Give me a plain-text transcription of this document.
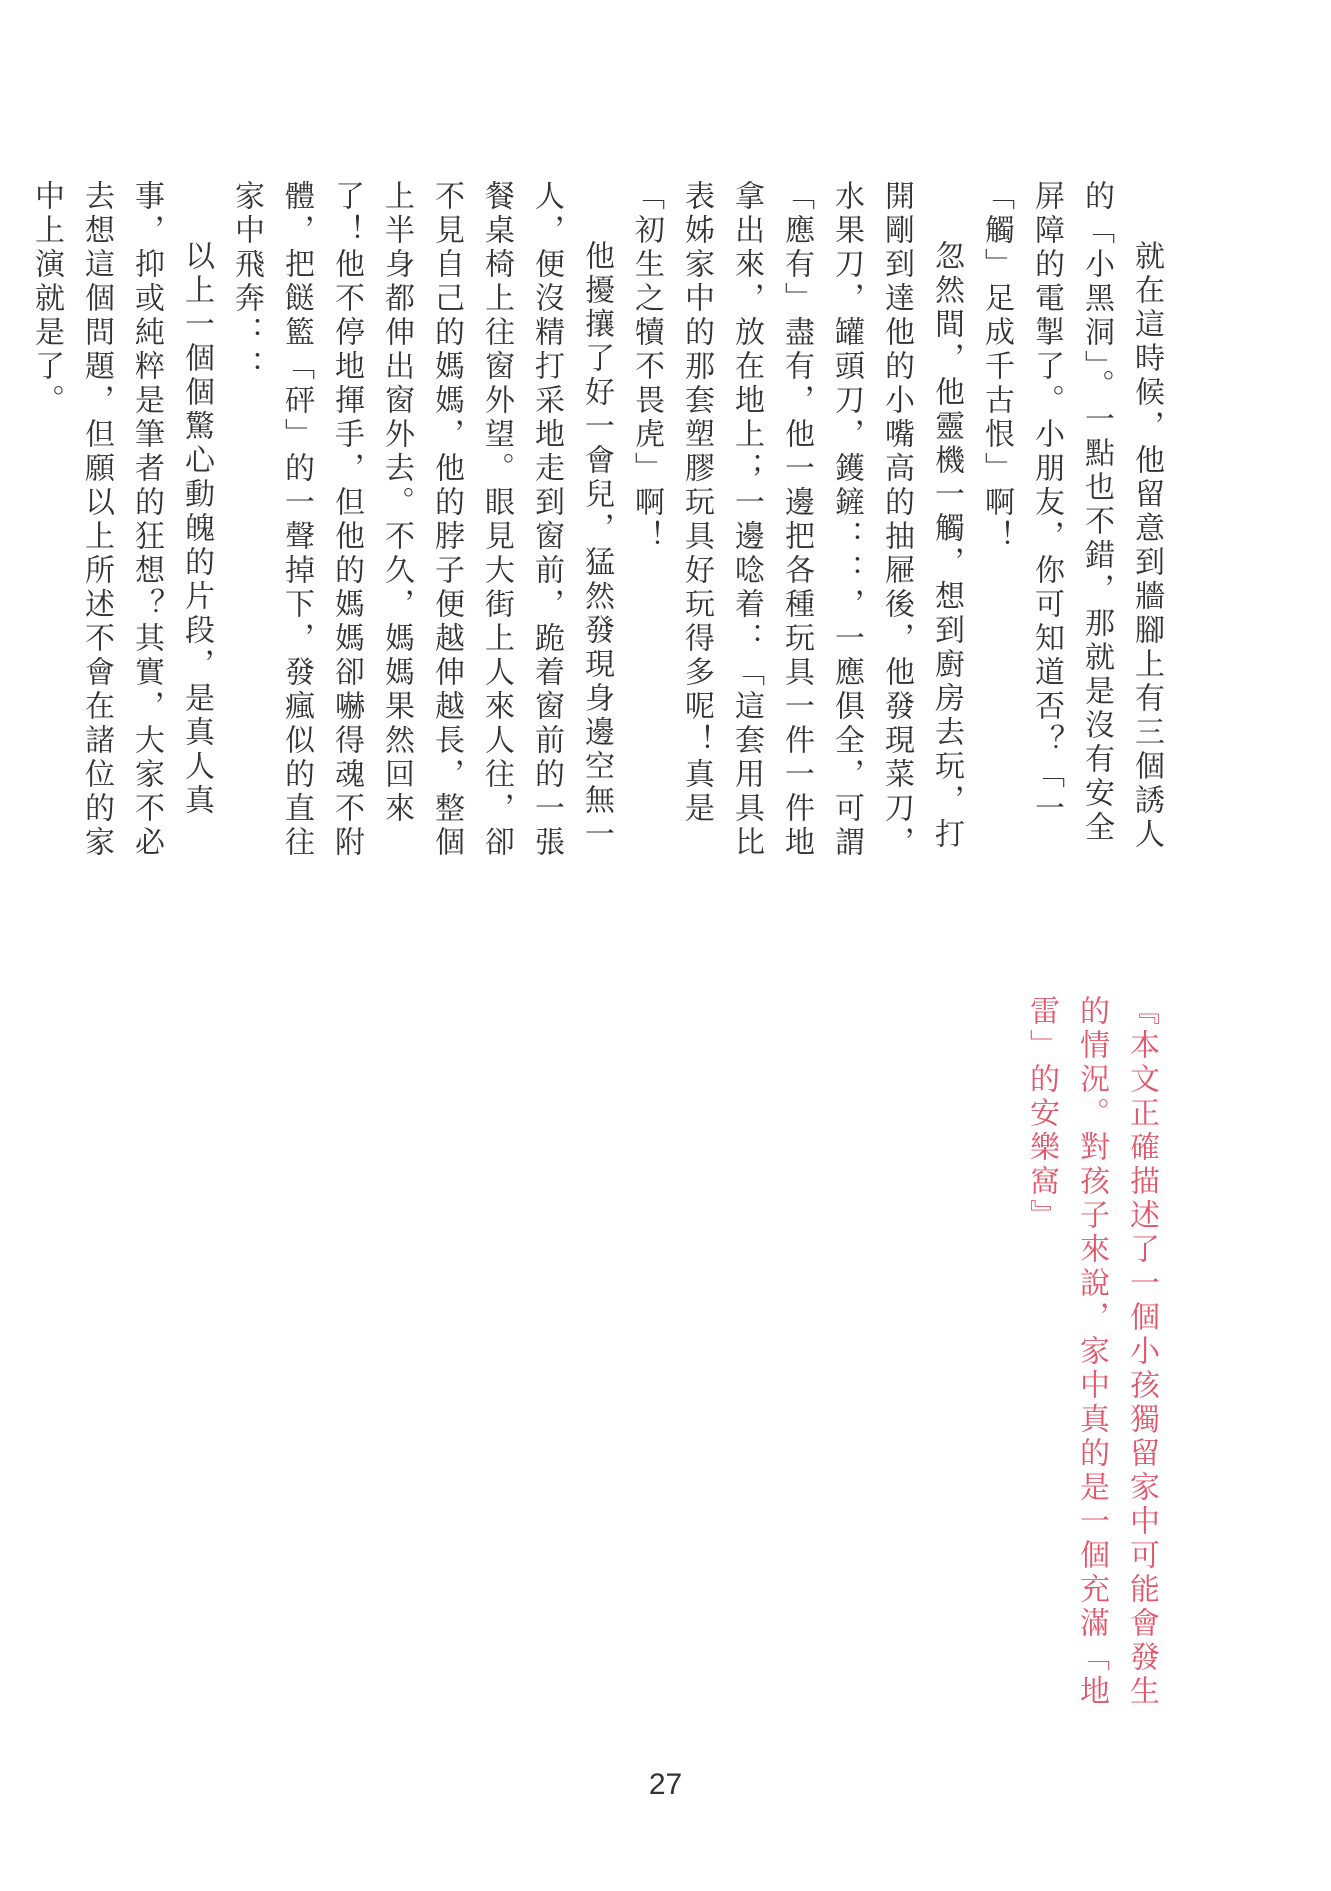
就在這時候，他留意到牆腳上有三個誘人的「小黑洞」。一點也不錯，那就是沒有安全屏障的電掣了。小朋友，你可知道否？「一「觸」足成千古恨」啊！

忽然間，他靈機一觸，想到廚房去玩，打開剛到達他的小嘴高的抽屜後，他發現菜刀，水果刀，罐頭刀，鑊鏟：：，一應俱全，可謂「應有」盡有，他一邊把各種玩具一件一件地拿出來，放在地上；一邊唸着：「這套用具比表姊家中的那套塑膠玩具好玩得多呢！真是「初生之犢不畏虎」啊！

他擾攘了好一會兒，猛然發現身邊空無一人，便沒精打采地走到窗前，跪着窗前的一張餐桌椅上往窗外望。眼見大街上人來人往，卻不見自己的媽媽，他的脖子便越伸越長，整個上半身都伸出窗外去。不久，媽媽果然回來了！他不停地揮手，但他的媽媽卻嚇得魂不附體，把餸籃「砰」的一聲掉下，發瘋似的直往家中飛奔：：

以上一個個驚心動魄的片段，是真人真事，抑或純粹是筆者的狂想？其實，大家不必去想這個問題，但願以上所述不會在諸位的家中上演就是了。

『本文正確描述了一個小孩獨留家中可能會發生的情況。對孩子來說，家中真的是一個充滿「地雷」的安樂窩』

27
